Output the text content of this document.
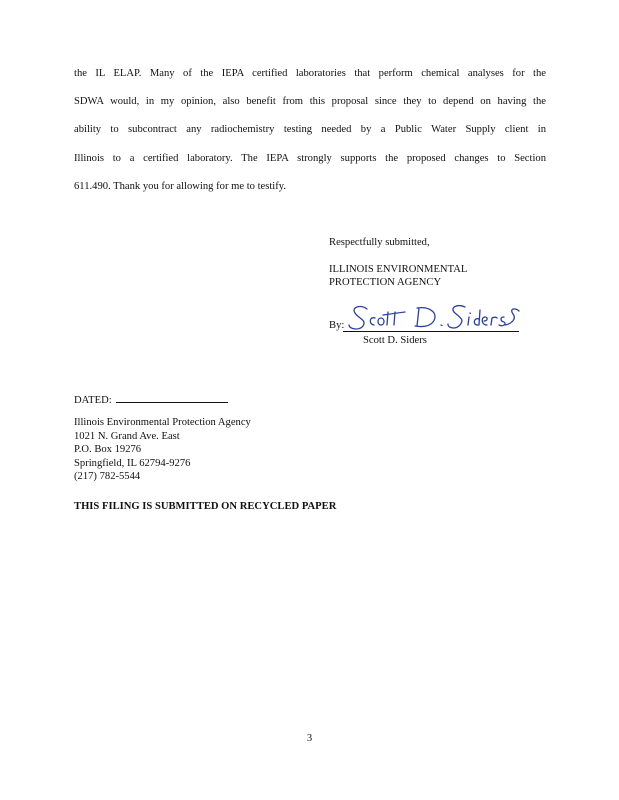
the IL ELAP. Many of the IEPA certified laboratories that perform chemical analyses for the
SDWA would, in my opinion, also benefit from this proposal since they to depend on having the
ability to subcontract any radiochemistry testing needed by a Public Water Supply client in
Illinois to a certified laboratory. The IEPA strongly supports the proposed changes to Section
611.490. Thank you for allowing for me to testify.
Respectfully submitted,
ILLINOIS ENVIRONMENTAL
PROTECTION AGENCY
By:
Scott D. Siders
DATED:
Illinois Environmental Protection Agency
1021 N. Grand Ave. East
P.O. Box 19276
Springfield, IL 62794-9276
(217) 782-5544
THIS FILING IS SUBMITTED ON RECYCLED PAPER
3
